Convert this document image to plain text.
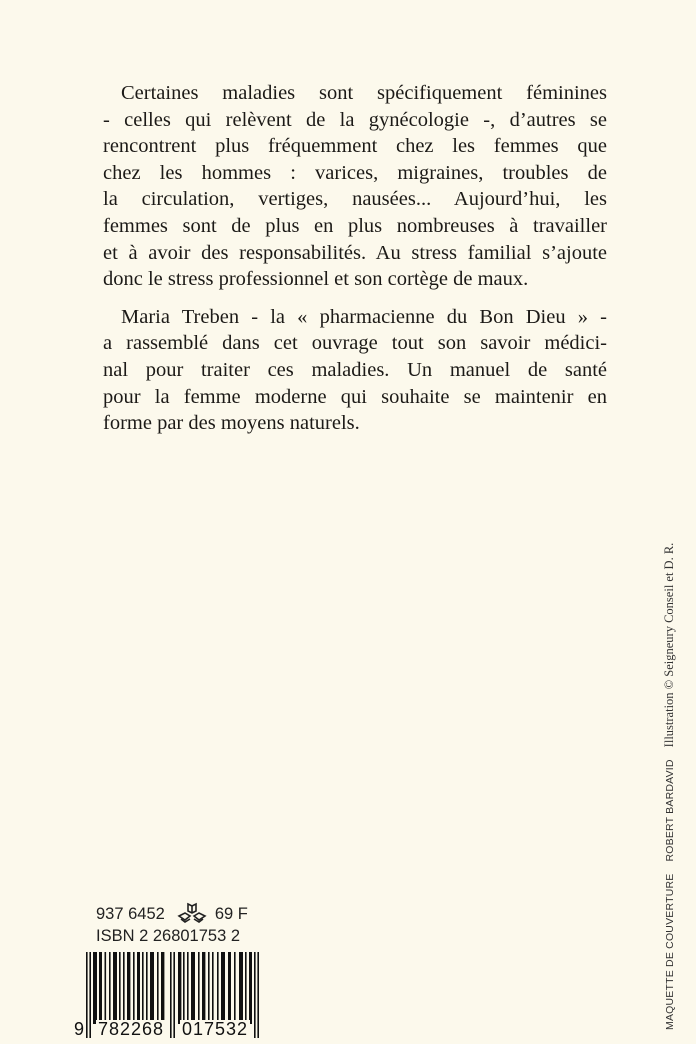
Certaines maladies sont spécifiquement féminines
- celles qui relèvent de la gynécologie -, d’autres se
rencontrent plus fréquemment chez les femmes que
chez les hommes : varices, migraines, troubles de
la circulation, vertiges, nausées... Aujourd’hui, les
femmes sont de plus en plus nombreuses à travailler
et à avoir des responsabilités. Au stress familial s’ajoute
donc le stress professionnel et son cortège de maux.

Maria Treben - la « pharmacienne du Bon Dieu » -
a rassemblé dans cet ouvrage tout son savoir médici-
nal pour traiter ces maladies. Un manuel de santé
pour la femme moderne qui souhaite se maintenir en
forme par des moyens naturels.

937 6452	69 F
ISBN 2 26801753 2
9 782268 017532	MAQUETTE DE COUVERTUREROBERT BARDAVIDIllustration © Seigneury Conseil et D. R.
